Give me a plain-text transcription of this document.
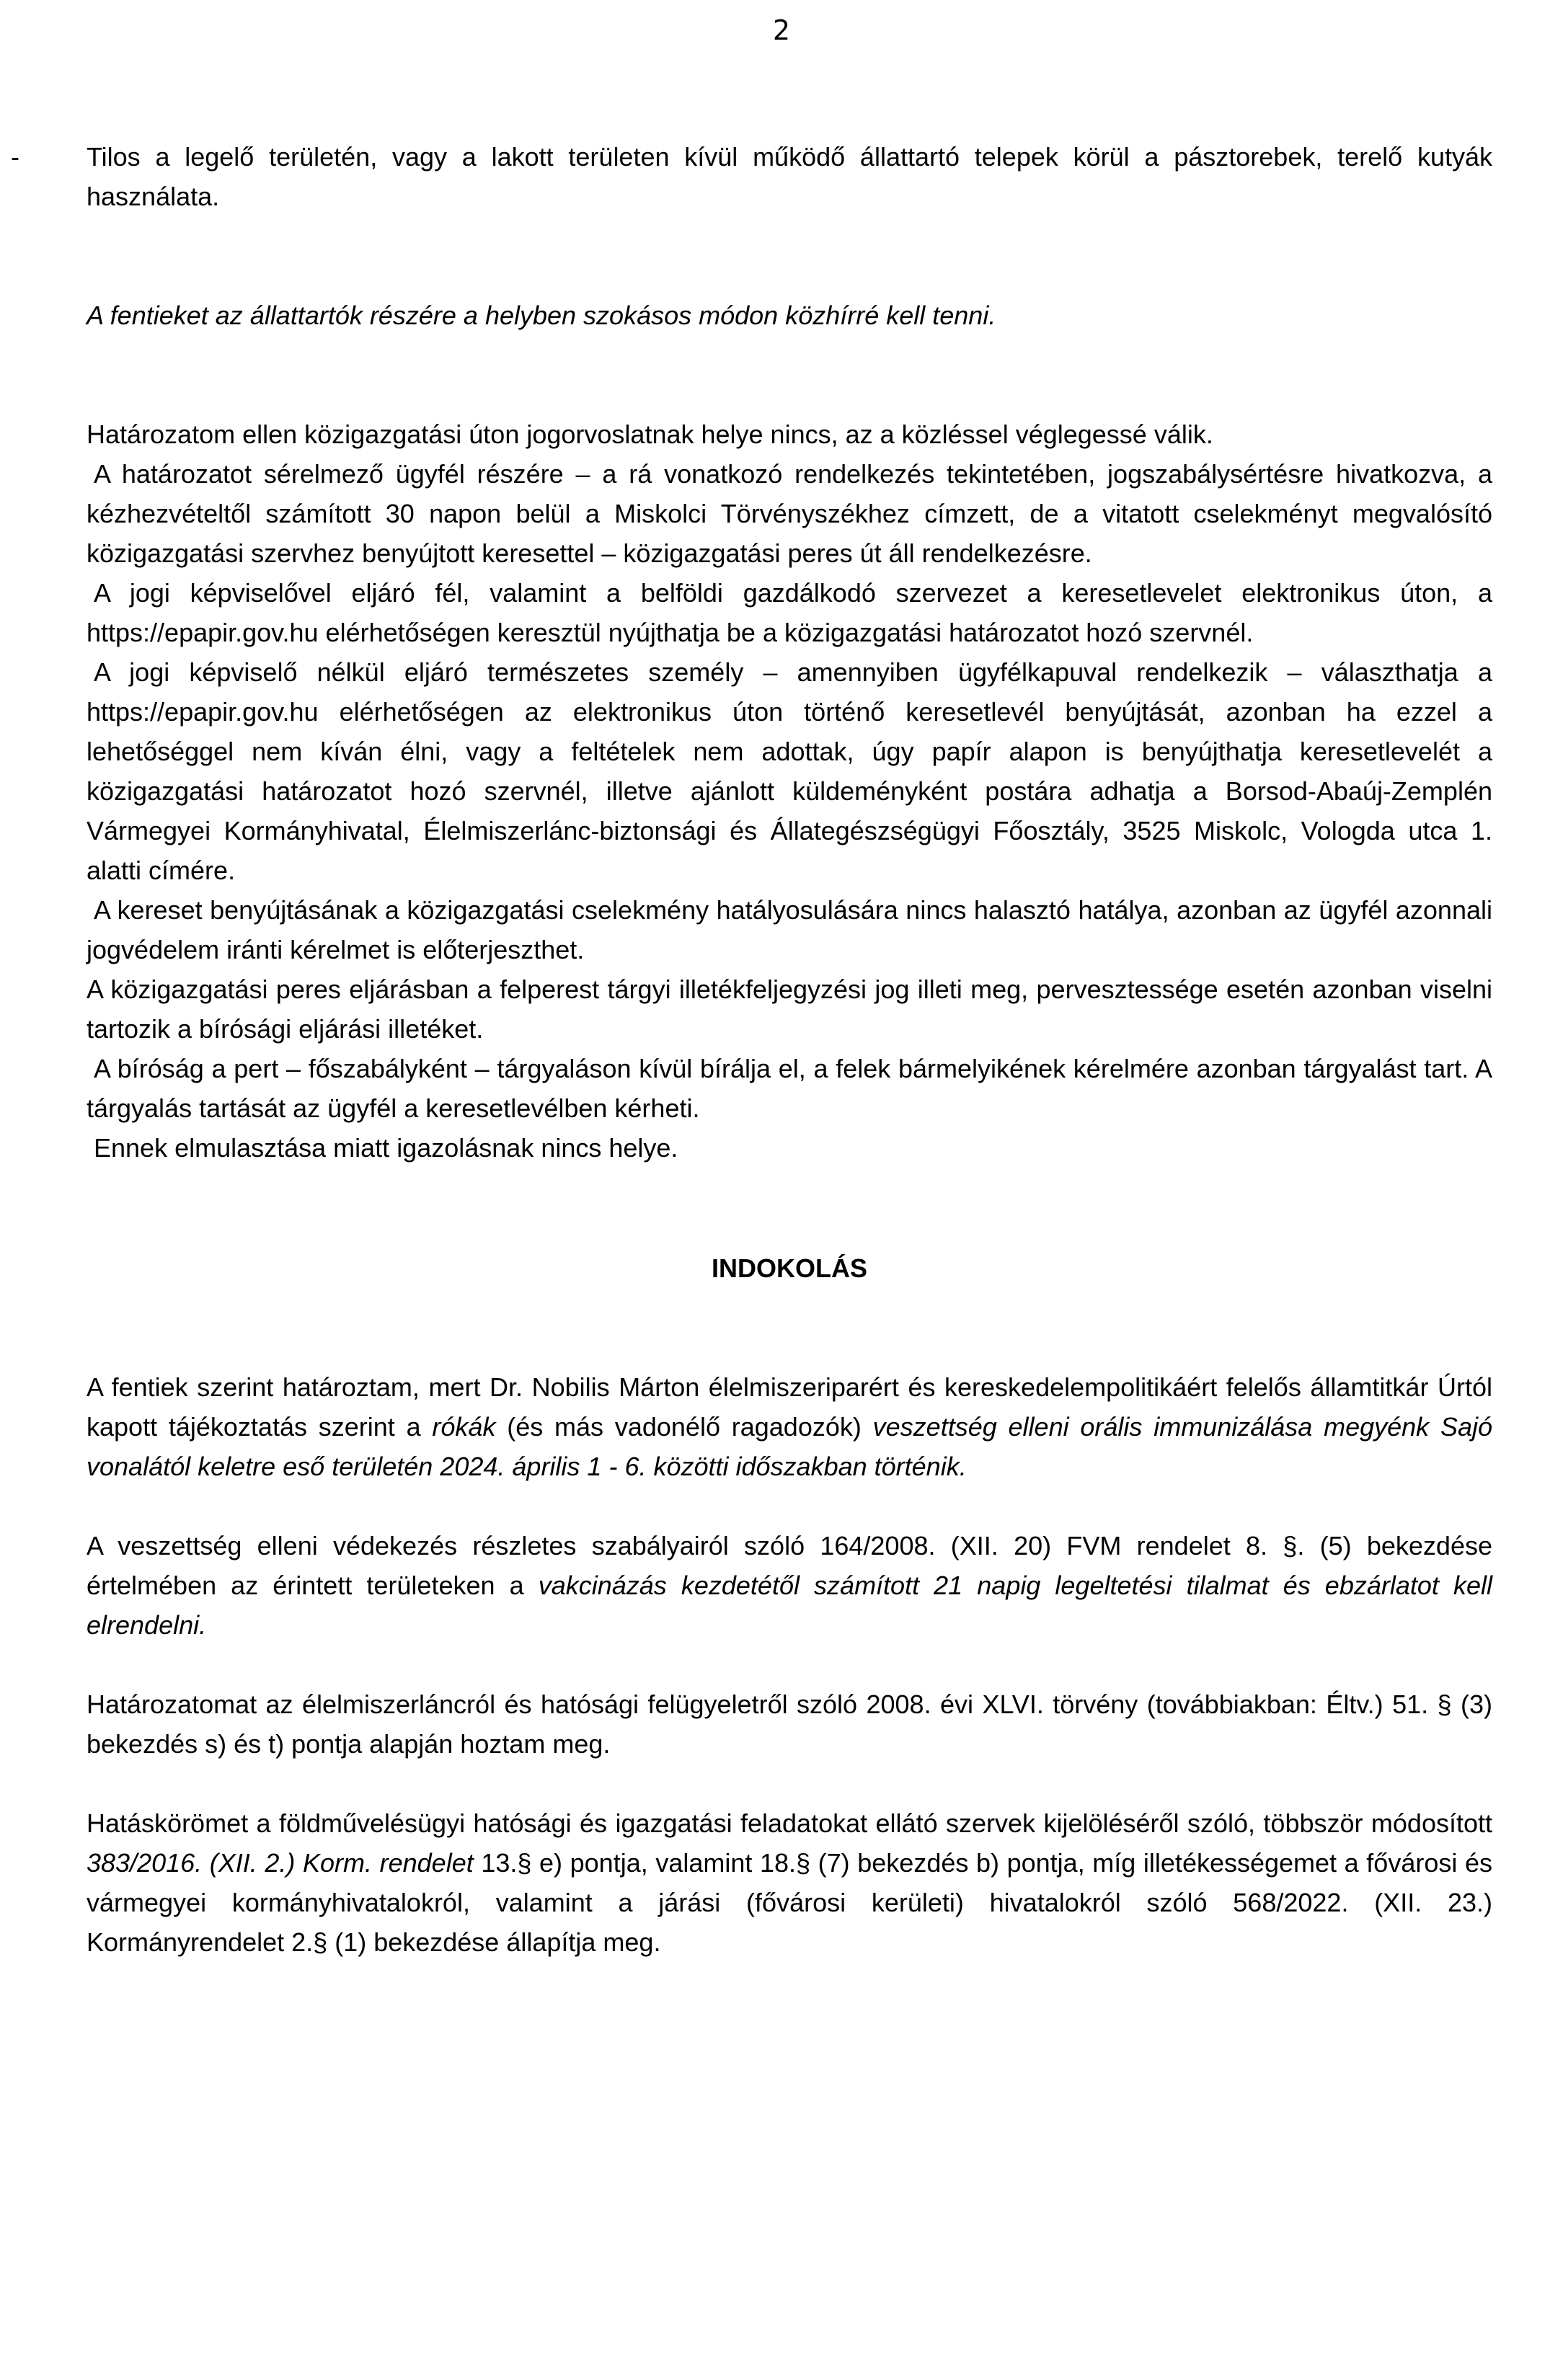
2
-	Tilos a legelő területén, vagy a lakott területen kívül működő állattartó telepek körül a pásztorebek, terelő kutyák használata.

A fentieket az állattartók részére a helyben szokásos módon közhírré kell tenni.

Határozatom ellen közigazgatási úton jogorvoslatnak helye nincs, az a közléssel véglegessé válik.

A határozatot sérelmező ügyfél részére – a rá vonatkozó rendelkezés tekintetében, jogszabálysértésre hivatkozva, a kézhezvételtől számított 30 napon belül a Miskolci Törvényszékhez címzett, de a vitatott cselekményt megvalósító közigazgatási szervhez benyújtott keresettel – közigazgatási peres út áll rendelkezésre.

A jogi képviselővel eljáró fél, valamint a belföldi gazdálkodó szervezet a keresetlevelet elektronikus úton, a https://epapir.gov.hu elérhetőségen keresztül nyújthatja be a közigazgatási határozatot hozó szervnél.

A jogi képviselő nélkül eljáró természetes személy – amennyiben ügyfélkapuval rendelkezik – választhatja a https://epapir.gov.hu elérhetőségen az elektronikus úton történő keresetlevél benyújtását, azonban ha ezzel a lehetőséggel nem kíván élni, vagy a feltételek nem adottak, úgy papír alapon is benyújthatja keresetlevelét a közigazgatási határozatot hozó szervnél, illetve ajánlott küldeményként postára adhatja a Borsod-Abaúj-Zemplén Vármegyei Kormányhivatal, Élelmiszerlánc-biztonsági és Állategészségügyi Főosztály, 3525 Miskolc, Vologda utca 1. alatti címére.

A kereset benyújtásának a közigazgatási cselekmény hatályosulására nincs halasztó hatálya, azonban az ügyfél azonnali jogvédelem iránti kérelmet is előterjeszthet.

A közigazgatási peres eljárásban a felperest tárgyi illetékfeljegyzési jog illeti meg, pervesztessége esetén azonban viselni tartozik a bírósági eljárási illetéket.

A bíróság a pert – főszabályként – tárgyaláson kívül bírálja el, a felek bármelyikének kérelmére azonban tárgyalást tart. A tárgyalás tartását az ügyfél a keresetlevélben kérheti.

Ennek elmulasztása miatt igazolásnak nincs helye.

INDOKOLÁS

A fentiek szerint határoztam, mert Dr. Nobilis Márton élelmiszeriparért és kereskedelempolitikáért felelős államtitkár Úrtól kapott tájékoztatás szerint a rókák (és más vadonélő ragadozók) veszettség elleni orális immunizálása megyénk Sajó vonalától keletre eső területén 2024. április 1 - 6. közötti időszakban történik.

A veszettség elleni védekezés részletes szabályairól szóló 164/2008. (XII. 20) FVM rendelet 8. §. (5) bekezdése értelmében az érintett területeken a vakcinázás kezdetétől számított 21 napig legeltetési tilalmat és ebzárlatot kell elrendelni.

Határozatomat az élelmiszerláncról és hatósági felügyeletről szóló 2008. évi XLVI. törvény (továbbiakban: Éltv.) 51. § (3) bekezdés s) és t) pontja alapján hoztam meg.

Hatáskörömet a földművelésügyi hatósági és igazgatási feladatokat ellátó szervek kijelöléséről szóló, többször módosított 383/2016. (XII. 2.) Korm. rendelet 13.§ e) pontja, valamint 18.§ (7) bekezdés b) pontja, míg illetékességemet a fővárosi és vármegyei kormányhivatalokról, valamint a járási (fővárosi kerületi) hivatalokról szóló 568/2022. (XII. 23.) Kormányrendelet 2.§ (1) bekezdése állapítja meg.
